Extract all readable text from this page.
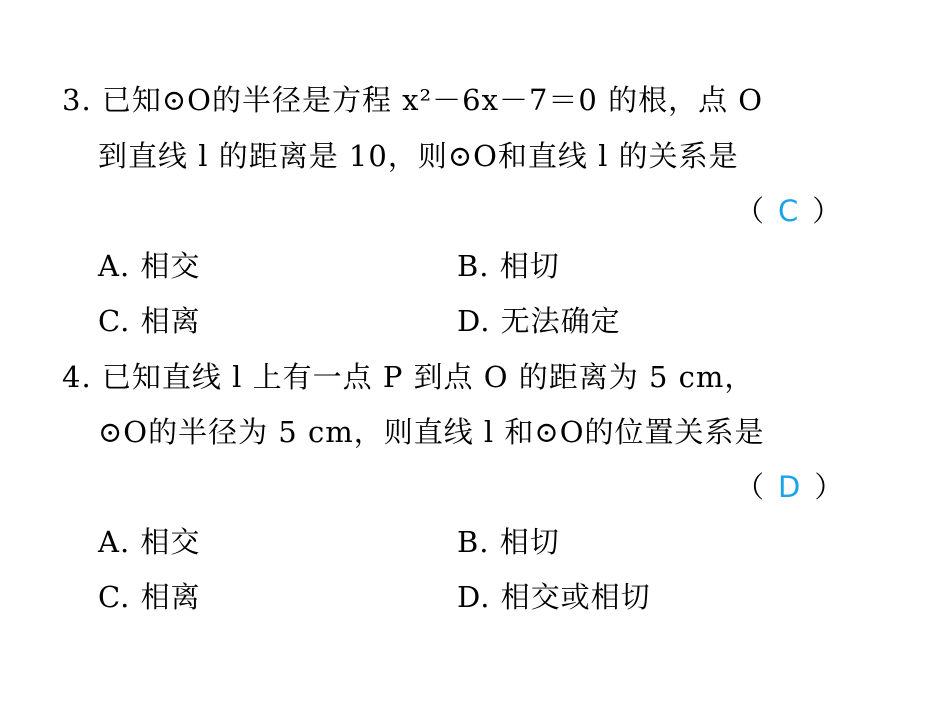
3. 已知⊙O的半径是方程 x²－6x－7＝0 的根，点 O
到直线 l 的距离是 10，则⊙O和直线 l 的关系是
（ C ）
A. 相交	B. 相切
C. 相离	D. 无法确定
4. 已知直线 l 上有一点 P 到点 O 的距离为 5 cm，
⊙O的半径为 5 cm，则直线 l 和⊙O的位置关系是
（ D ）
A. 相交	B. 相切
C. 相离	D. 相交或相切
